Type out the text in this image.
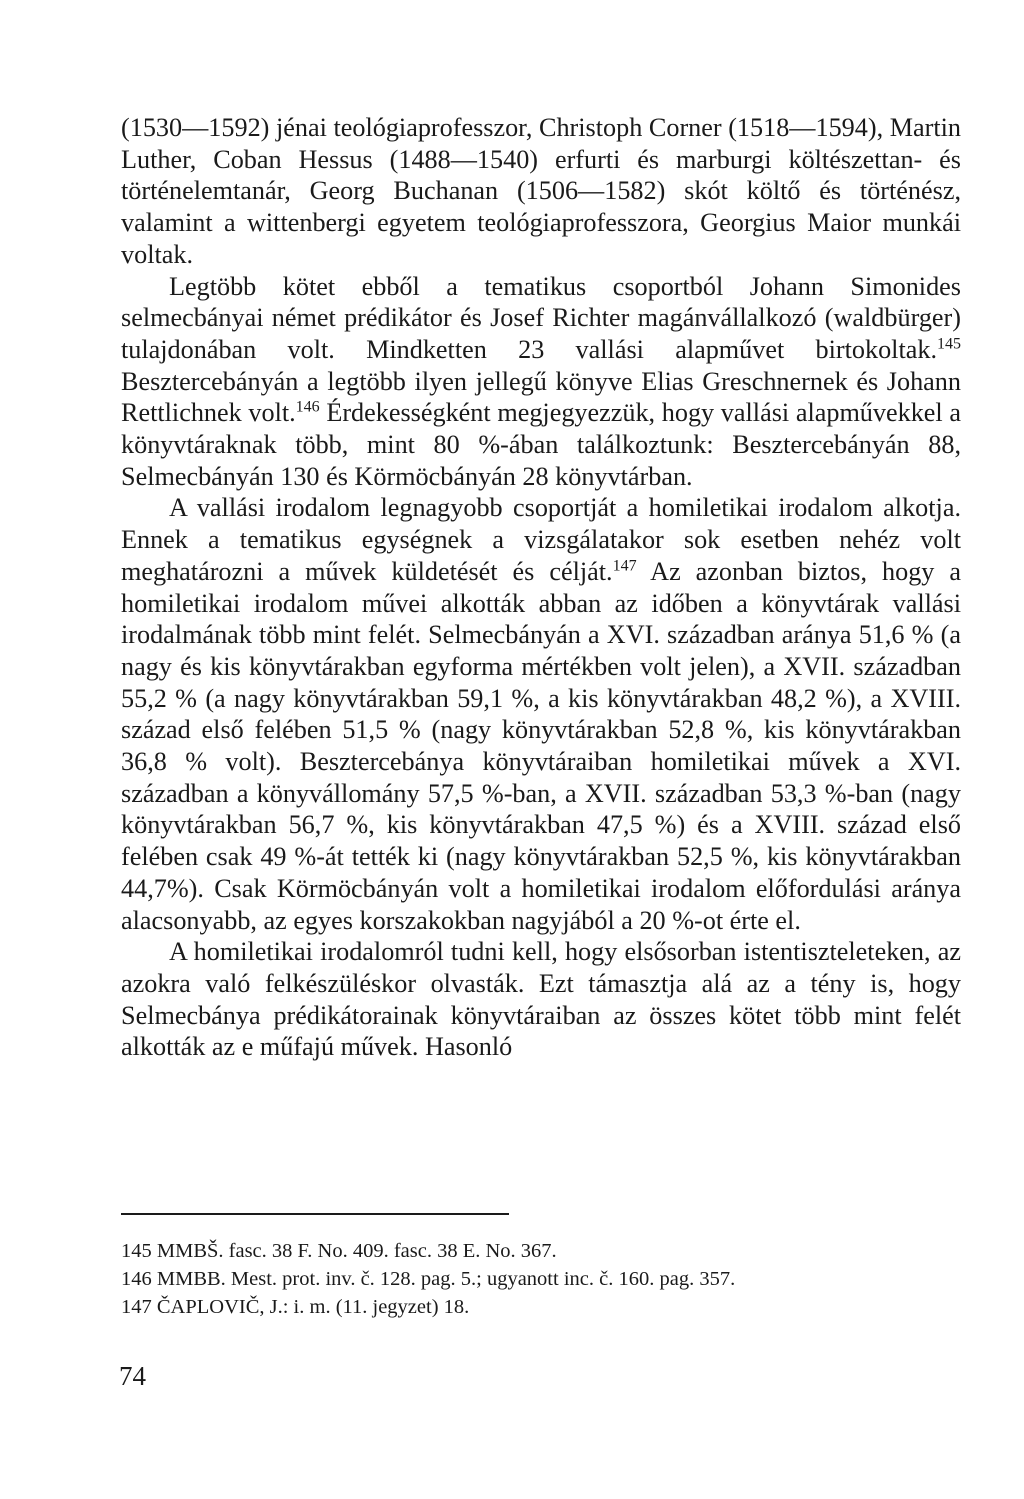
(1530—1592) jénai teológiaprofesszor, Christoph Corner (1518—1594), Martin Luther, Coban Hessus (1488—1540) erfurti és marburgi költészettan- és történelemtanár, Georg Buchanan (1506—1582) skót költő és történész, valamint a wittenbergi egyetem teológiaprofesszora, Georgius Maior munkái voltak.

Legtöbb kötet ebből a tematikus csoportból Johann Simonides selmecbányai német prédikátor és Josef Richter magánvállalkozó (waldbürger) tulajdonában volt. Mindketten 23 vallási alapművet birtokoltak.$^{145}$ Besztercebányán a legtöbb ilyen jellegű könyve Elias Greschnernek és Johann Rettlichnek volt.$^{146}$ Érdekességként megjegyezzük, hogy vallási alapművekkel a könyvtáraknak több, mint 80 %-ában találkoztunk: Besztercebányán 88, Selmecbányán 130 és Körmöcbányán 28 könyvtárban.

A vallási irodalom legnagyobb csoportját a homiletikai irodalom alkotja. Ennek a tematikus egységnek a vizsgálatakor sok esetben nehéz volt meghatározni a művek küldetését és célját.$^{147}$ Az azonban biztos, hogy a homiletikai irodalom művei alkották abban az időben a könyvtárak vallási irodalmának több mint felét. Selmecbányán a XVI. században aránya 51,6 % (a nagy és kis könyvtárakban egyforma mértékben volt jelen), a XVII. században 55,2 % (a nagy könyvtárakban 59,1 %, a kis könyvtárakban 48,2 %), a XVIII. század első felében 51,5 % (nagy könyvtárakban 52,8 %, kis könyvtárakban 36,8 % volt). Besztercebánya könyvtáraiban homiletikai művek a XVI. században a könyvállomány 57,5 %-ban, a XVII. században 53,3 %-ban (nagy könyvtárakban 56,7 %, kis könyvtárakban 47,5 %) és a XVIII. század első felében csak 49 %-át tették ki (nagy könyvtárakban 52,5 %, kis könyvtárakban 44,7%). Csak Körmöcbányán volt a homiletikai irodalom előfordulási aránya alacsonyabb, az egyes korszakokban nagyjából a 20 %-ot érte el.

A homiletikai irodalomról tudni kell, hogy elsősorban istentiszteleteken, az azokra való felkészüléskor olvasták. Ezt támasztja alá az a tény is, hogy Selmecbánya prédikátorainak könyvtáraiban az összes kötet több mint felét alkották az e műfajú művek. Hasonló

145 MMBŠ. fasc. 38 F. No. 409. fasc. 38 E. No. 367.
146 MMBB. Mest. prot. inv. č. 128. pag. 5.; ugyanott inc. č. 160. pag. 357.
147 ČAPLOVIČ, J.: i. m. (11. jegyzet) 18.
74
